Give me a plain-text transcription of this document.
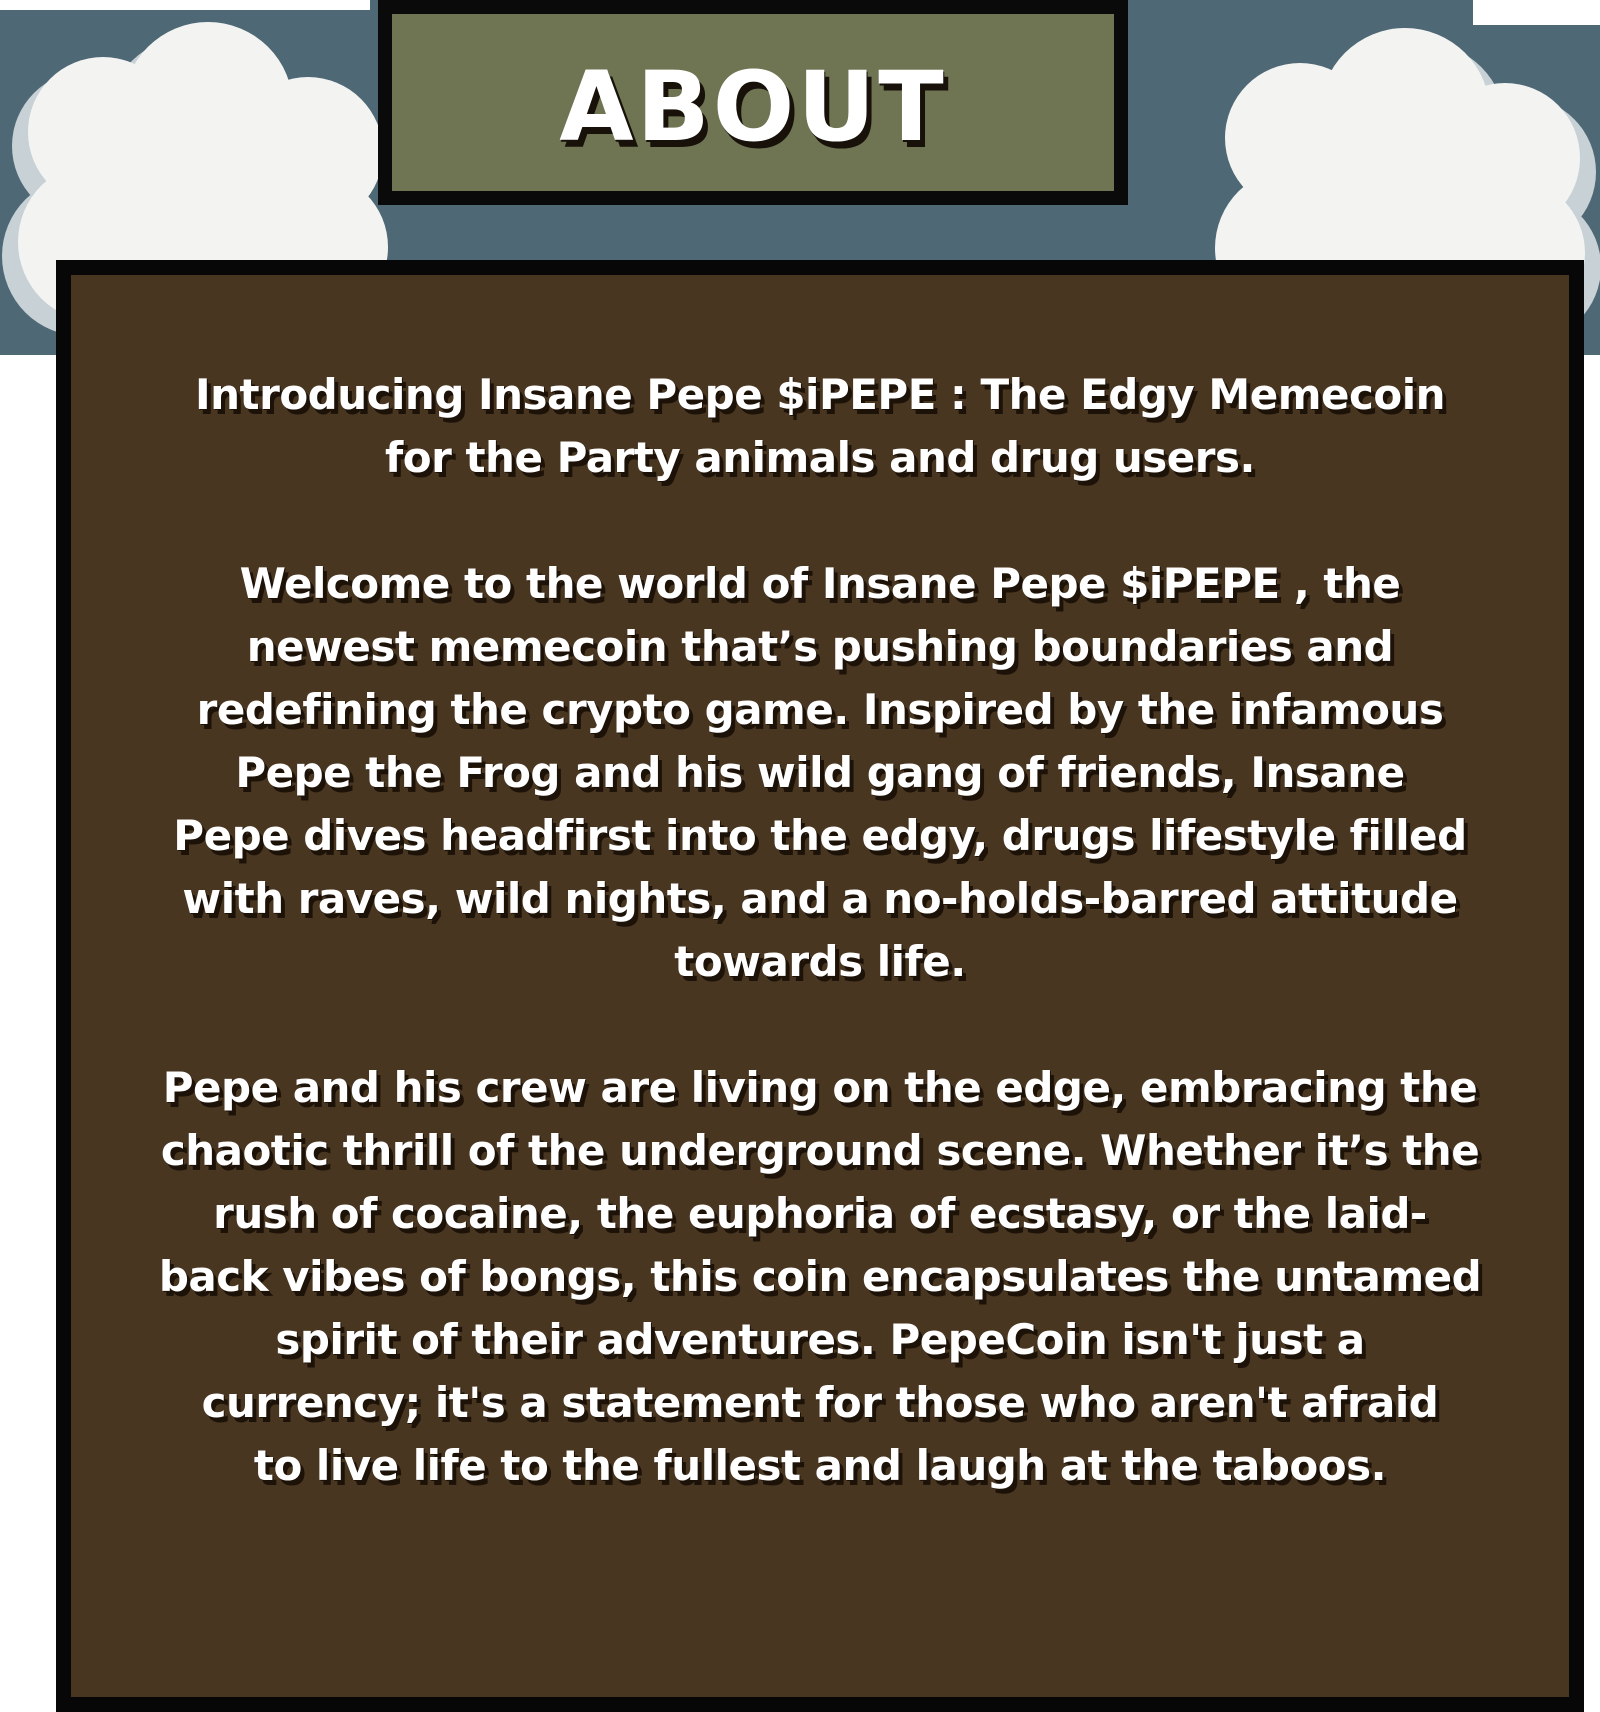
ABOUT
Introducing Insane Pepe $iPEPE : The Edgy Memecoin
for the Party animals and drug users.
Welcome to the world of Insane Pepe $iPEPE , the
newest memecoin that’s pushing boundaries and
redefining the crypto game. Inspired by the infamous
Pepe the Frog and his wild gang of friends, Insane
Pepe dives headfirst into the edgy, drugs lifestyle filled
with raves, wild nights, and a no-holds-barred attitude
towards life.
Pepe and his crew are living on the edge, embracing the
chaotic thrill of the underground scene. Whether it’s the
rush of cocaine, the euphoria of ecstasy, or the laid-
back vibes of bongs, this coin encapsulates the untamed
spirit of their adventures. PepeCoin isn't just a
currency; it's a statement for those who aren't afraid
to live life to the fullest and laugh at the taboos.
